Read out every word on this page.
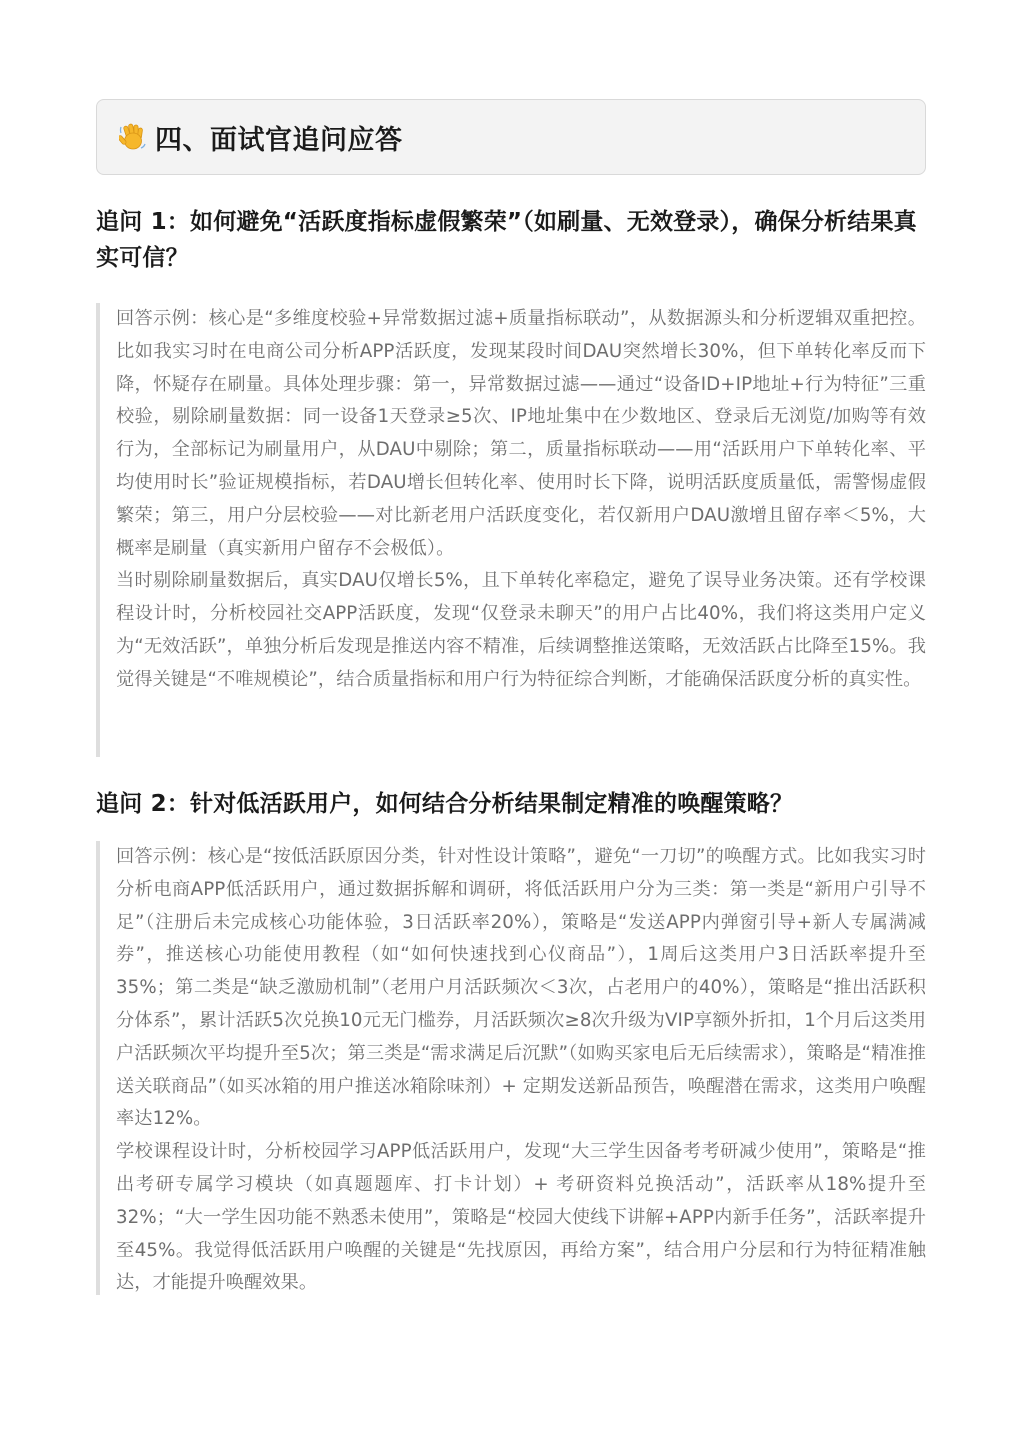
四、面试官追问应答
追问 1：如何避免“活跃度指标虚假繁荣”（如刷量、无效登录），确保分析结果真实可信？

回答示例：核心是“多维度校验+异常数据过滤+质量指标联动”，从数据源头和分析逻辑双重把控。比如我实习时在电商公司分析APP活跃度，发现某段时间DAU突然增长30%，但下单转化率反而下降，怀疑存在刷量。具体处理步骤：第一，异常数据过滤——通过“设备ID+IP地址+行为特征”三重校验，剔除刷量数据：同一设备1天登录≥5次、IP地址集中在少数地区、登录后无浏览/加购等有效行为，全部标记为刷量用户，从DAU中剔除；第二，质量指标联动——用“活跃用户下单转化率、平均使用时长”验证规模指标，若DAU增长但转化率、使用时长下降，说明活跃度质量低，需警惕虚假繁荣；第三，用户分层校验——对比新老用户活跃度变化，若仅新用户DAU激增且留存率＜5%，大概率是刷量（真实新用户留存不会极低）。

当时剔除刷量数据后，真实DAU仅增长5%，且下单转化率稳定，避免了误导业务决策。还有学校课程设计时，分析校园社交APP活跃度，发现“仅登录未聊天”的用户占比40%，我们将这类用户定义为“无效活跃”，单独分析后发现是推送内容不精准，后续调整推送策略，无效活跃占比降至15%。我觉得关键是“不唯规模论”，结合质量指标和用户行为特征综合判断，才能确保活跃度分析的真实性。

追问 2：针对低活跃用户，如何结合分析结果制定精准的唤醒策略？

回答示例：核心是“按低活跃原因分类，针对性设计策略”，避免“一刀切”的唤醒方式。比如我实习时分析电商APP低活跃用户，通过数据拆解和调研，将低活跃用户分为三类：第一类是“新用户引导不足”（注册后未完成核心功能体验，3日活跃率20%），策略是“发送APP内弹窗引导+新人专属满减券”，推送核心功能使用教程（如“如何快速找到心仪商品”），1周后这类用户3日活跃率提升至35%；第二类是“缺乏激励机制”（老用户月活跃频次＜3次，占老用户的40%），策略是“推出活跃积分体系”，累计活跃5次兑换10元无门槛券，月活跃频次≥8次升级为VIP享额外折扣，1个月后这类用户活跃频次平均提升至5次；第三类是“需求满足后沉默”（如购买家电后无后续需求），策略是“精准推送关联商品”（如买冰箱的用户推送冰箱除味剂）+ 定期发送新品预告，唤醒潜在需求，这类用户唤醒率达12%。

学校课程设计时，分析校园学习APP低活跃用户，发现“大三学生因备考考研减少使用”，策略是“推出考研专属学习模块（如真题题库、打卡计划）+ 考研资料兑换活动”，活跃率从18%提升至32%；“大一学生因功能不熟悉未使用”，策略是“校园大使线下讲解+APP内新手任务”，活跃率提升至45%。我觉得低活跃用户唤醒的关键是“先找原因，再给方案”，结合用户分层和行为特征精准触达，才能提升唤醒效果。
